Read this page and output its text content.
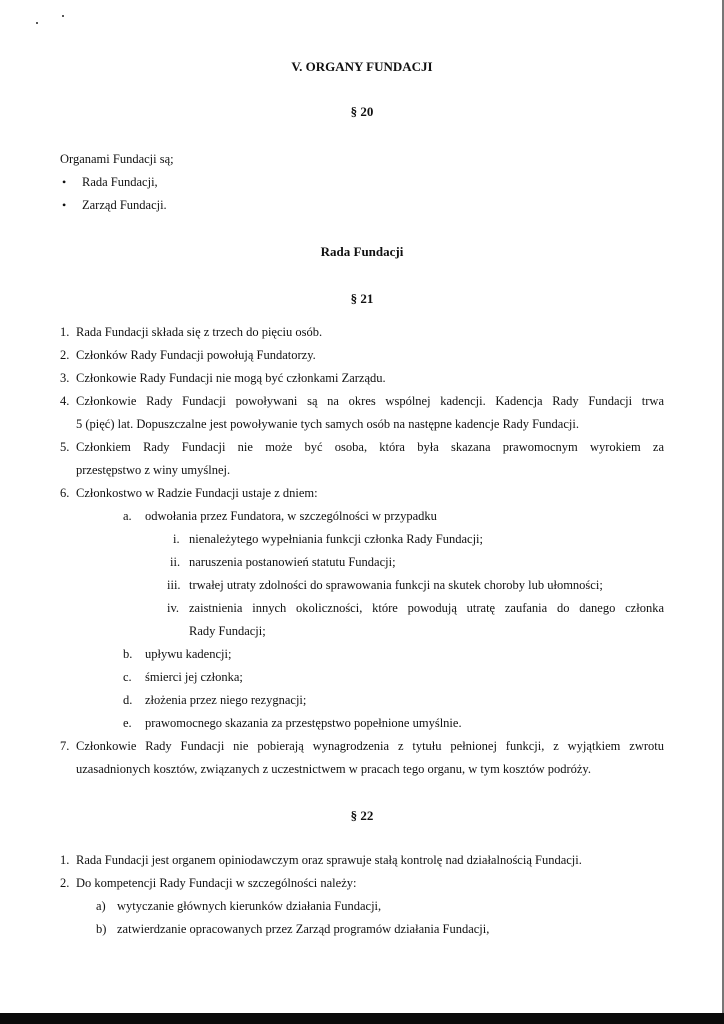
V. ORGANY FUNDACJI
§ 20
Organami Fundacji są;
• Rada Fundacji,
• Zarząd Fundacji.
Rada Fundacji
§ 21
1. Rada Fundacji składa się z trzech do pięciu osób.
2. Członków Rady Fundacji powołują Fundatorzy.
3. Członkowie Rady Fundacji nie mogą być członkami Zarządu.
4. Członkowie Rady Fundacji powoływani są na okres wspólnej kadencji. Kadencja Rady Fundacji trwa
5 (pięć) lat. Dopuszczalne jest powoływanie tych samych osób na następne kadencje Rady Fundacji.
5. Członkiem Rady Fundacji nie może być osoba, która była skazana prawomocnym wyrokiem za
przestępstwo z winy umyślnej.
6. Członkostwo w Radzie Fundacji ustaje z dniem:
a. odwołania przez Fundatora, w szczególności w przypadku
i. nienależytego wypełniania funkcji członka Rady Fundacji;
ii. naruszenia postanowień statutu Fundacji;
iii. trwałej utraty zdolności do sprawowania funkcji na skutek choroby lub ułomności;
iv. zaistnienia innych okoliczności, które powodują utratę zaufania do danego członka
Rady Fundacji;
b. upływu kadencji;
c. śmierci jej członka;
d. złożenia przez niego rezygnacji;
e. prawomocnego skazania za przestępstwo popełnione umyślnie.
7. Członkowie Rady Fundacji nie pobierają wynagrodzenia z tytułu pełnionej funkcji, z wyjątkiem zwrotu
uzasadnionych kosztów, związanych z uczestnictwem w pracach tego organu, w tym kosztów podróży.
§ 22
1. Rada Fundacji jest organem opiniodawczym oraz sprawuje stałą kontrolę nad działalnością Fundacji.
2. Do kompetencji Rady Fundacji w szczególności należy:
a) wytyczanie głównych kierunków działania Fundacji,
b) zatwierdzanie opracowanych przez Zarząd programów działania Fundacji,
